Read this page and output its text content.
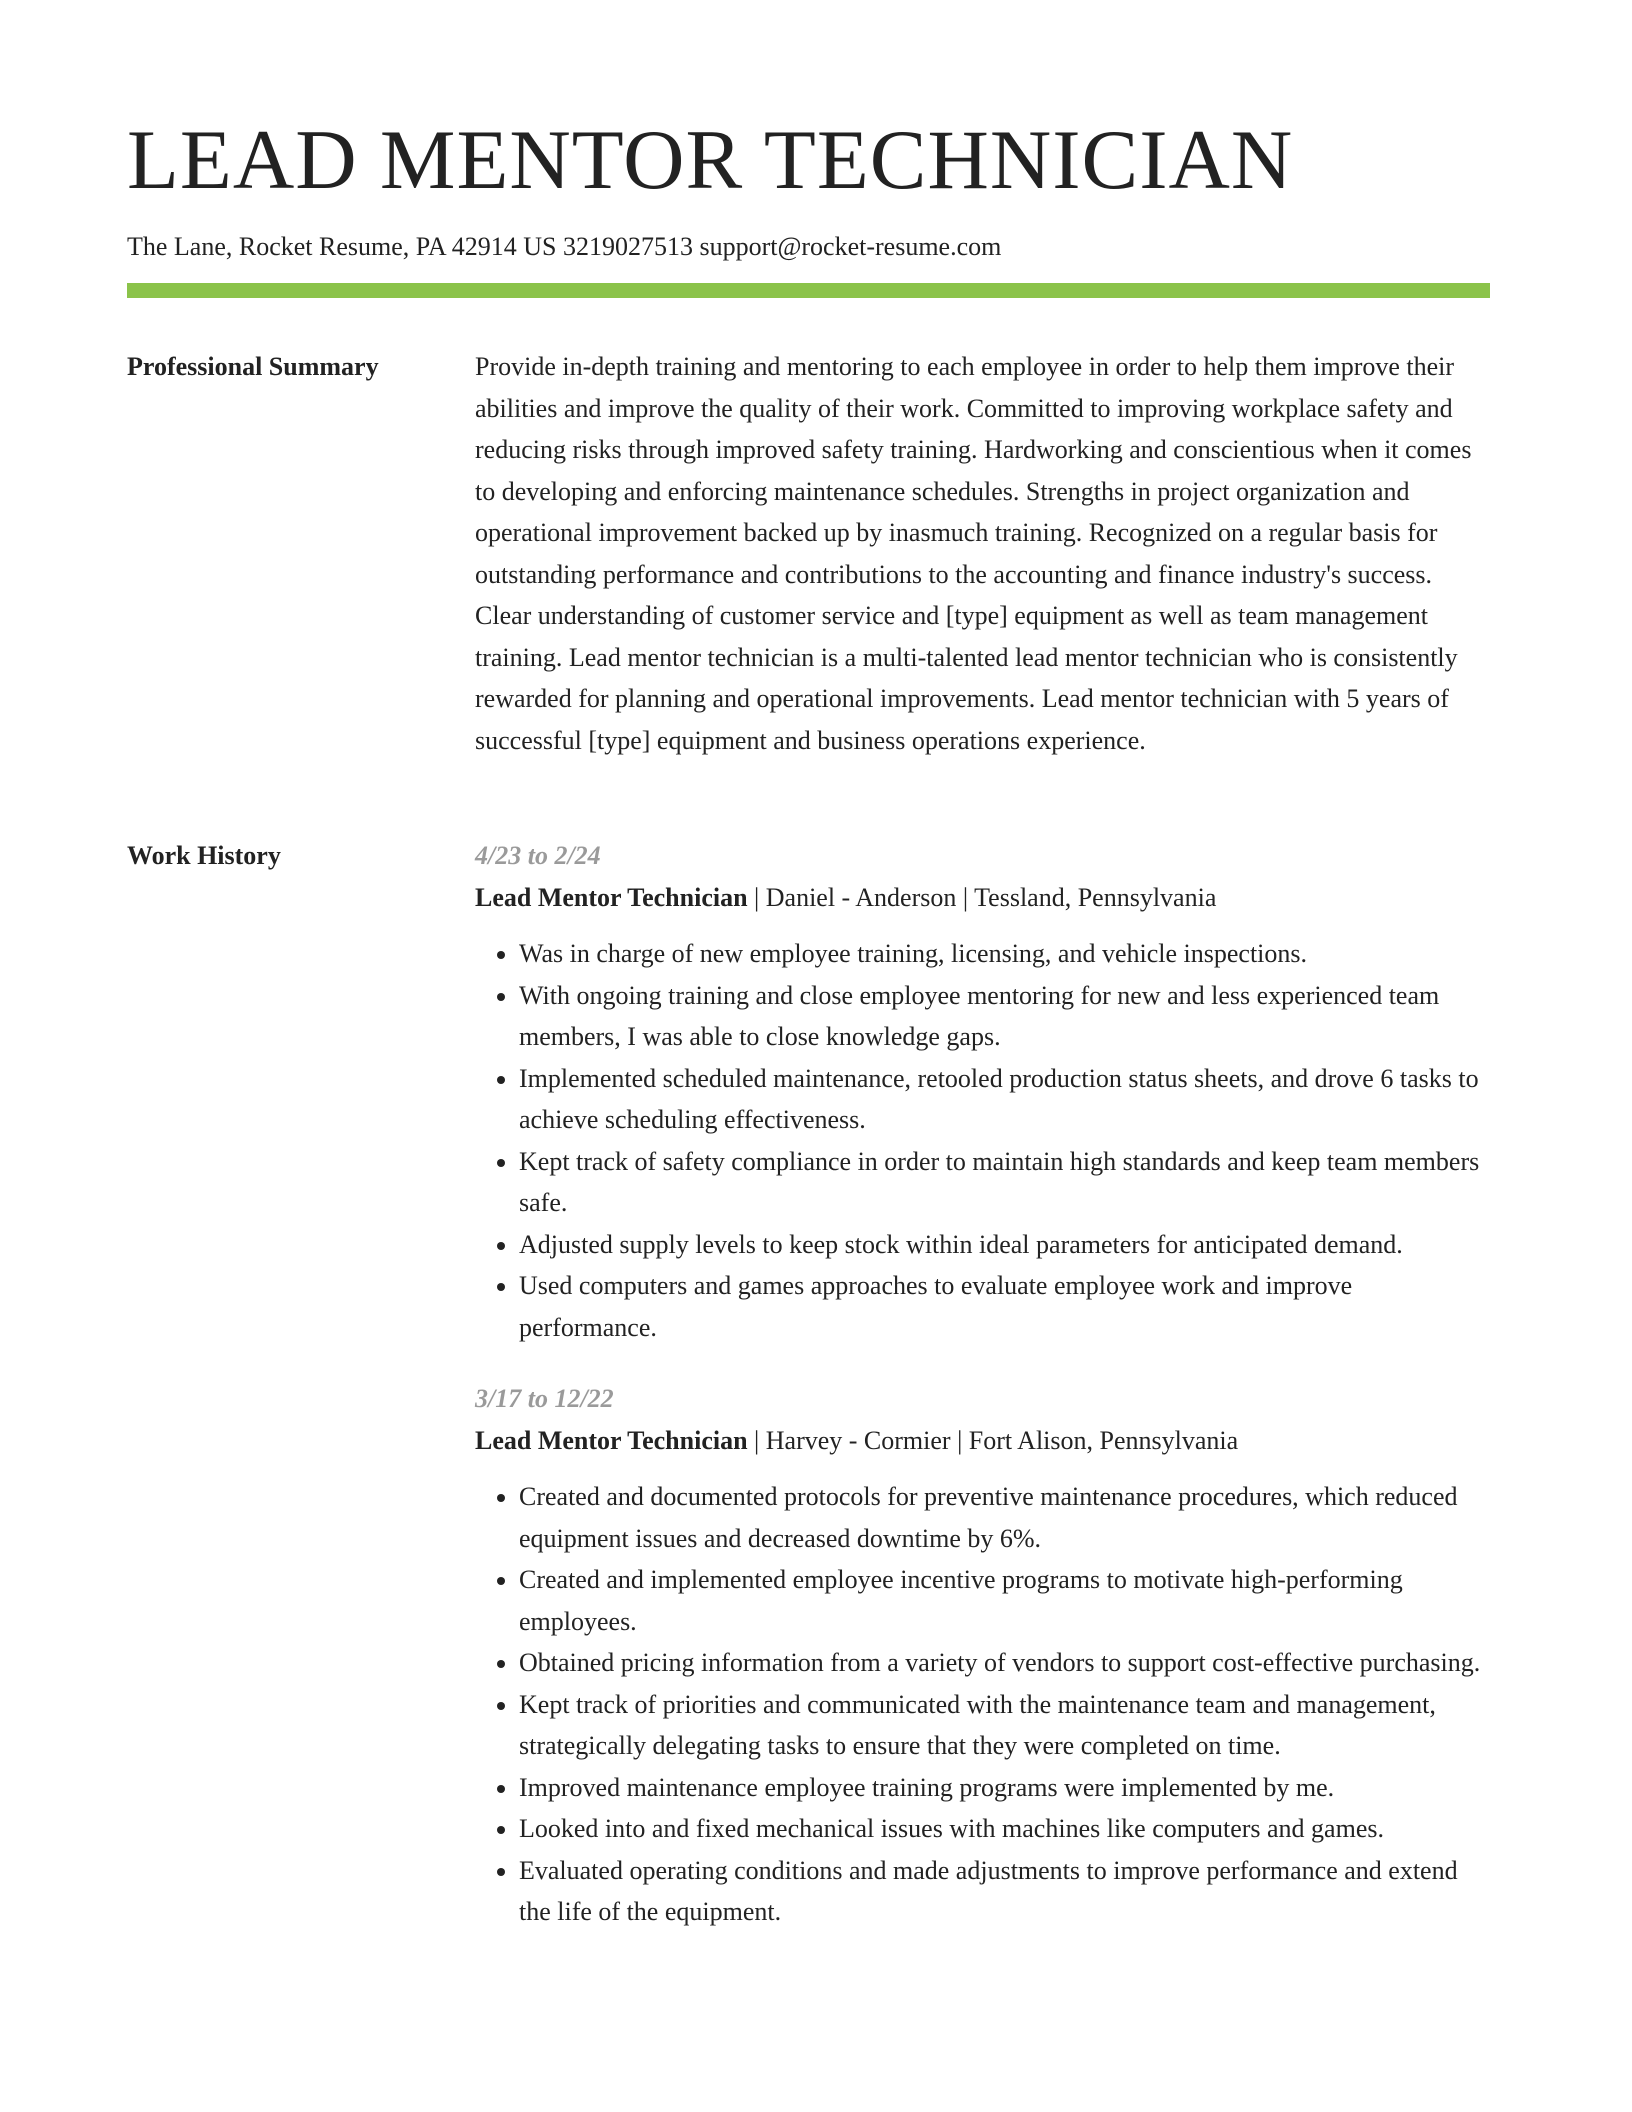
LEAD MENTOR TECHNICIAN
The Lane, Rocket Resume, PA 42914 US 3219027513 support@rocket-resume.com
Professional Summary	Provide in-depth training and mentoring to each employee in order to help them improve their abilities and improve the quality of their work. Committed to improving workplace safety and reducing risks through improved safety training. Hardworking and conscientious when it comes to developing and enforcing maintenance schedules. Strengths in project organization and operational improvement backed up by inasmuch training. Recognized on a regular basis for outstanding performance and contributions to the accounting and finance industry's success. Clear understanding of customer service and [type] equipment as well as team management training. Lead mentor technician is a multi-talented lead mentor technician who is consistently rewarded for planning and operational improvements. Lead mentor technician with 5 years of successful [type] equipment and business operations experience.

Work History	4/23 to 2/24
Lead Mentor Technician | Daniel - Anderson | Tessland, Pennsylvania
• Was in charge of new employee training, licensing, and vehicle inspections.
• With ongoing training and close employee mentoring for new and less experienced team members, I was able to close knowledge gaps.
• Implemented scheduled maintenance, retooled production status sheets, and drove 6 tasks to achieve scheduling effectiveness.
• Kept track of safety compliance in order to maintain high standards and keep team members safe.
• Adjusted supply levels to keep stock within ideal parameters for anticipated demand.
• Used computers and games approaches to evaluate employee work and improve performance.
3/17 to 12/22
Lead Mentor Technician | Harvey - Cormier | Fort Alison, Pennsylvania
• Created and documented protocols for preventive maintenance procedures, which reduced equipment issues and decreased downtime by 6%.
• Created and implemented employee incentive programs to motivate high-performing employees.
• Obtained pricing information from a variety of vendors to support cost-effective purchasing.
• Kept track of priorities and communicated with the maintenance team and management, strategically delegating tasks to ensure that they were completed on time.
• Improved maintenance employee training programs were implemented by me.
• Looked into and fixed mechanical issues with machines like computers and games.
• Evaluated operating conditions and made adjustments to improve performance and extend the life of the equipment.
